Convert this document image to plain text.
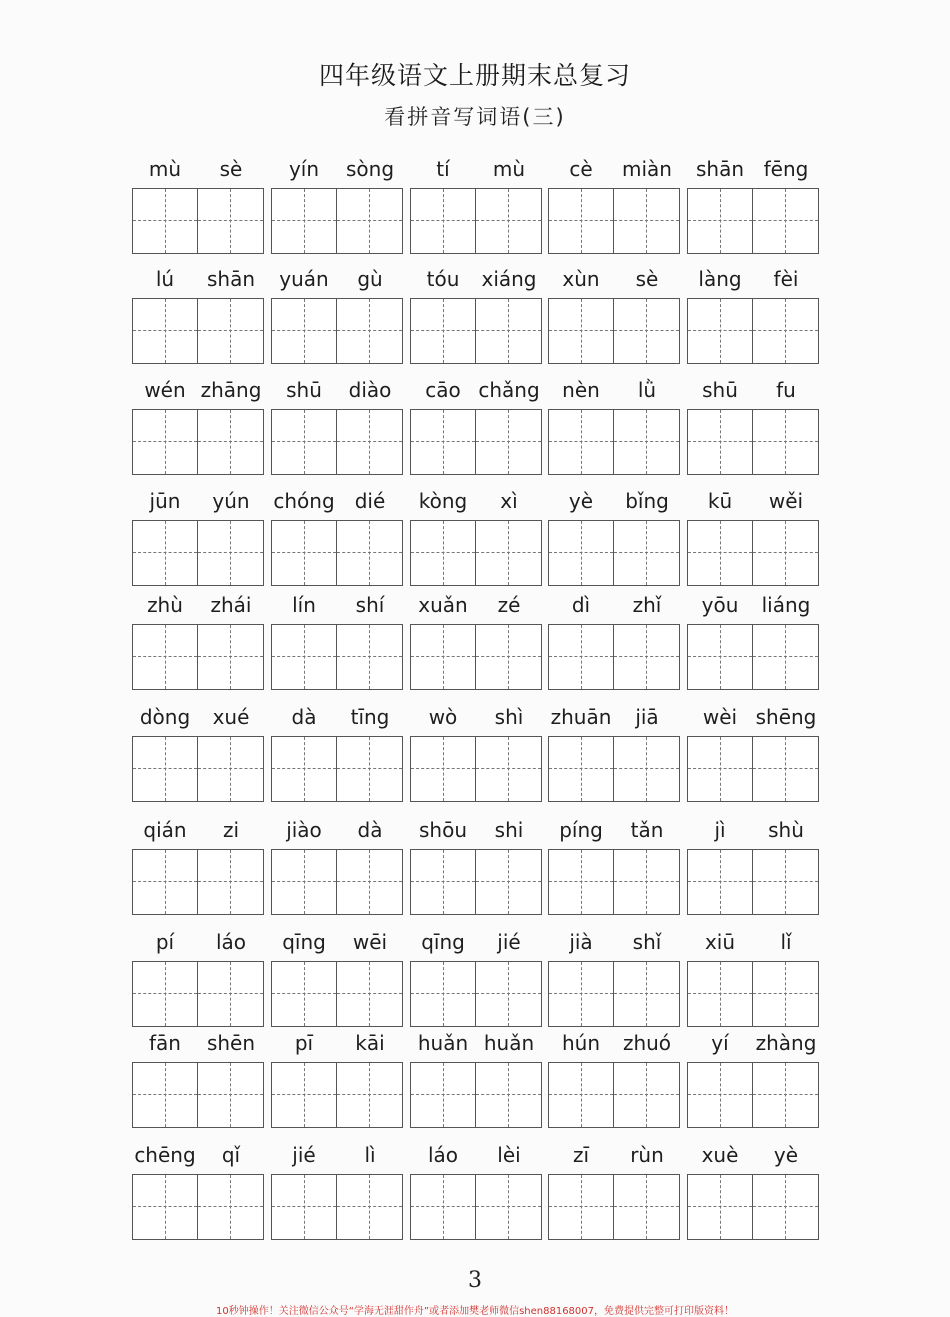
四年级语文上册期末总复习
看拼音写词语(三)
mù	sè	yín	sòng	tí	mù	cè	miàn	shān fēng
lú	shān	yuán	gù	tóu	xiáng	xùn	sè	làng	fèi
wén zhāng	shū	diào	cāo chǎng	nèn	lǜ	shū	fu
jūn	yún	chóng	dié	kòng	xì	yè	bǐng	kū	wěi
zhù	zhái	lín	shí	xuǎn	zé	dì	zhǐ	yōu	liáng
dòng	xué	dà	tīng	wò	shì	zhuān	jiā	wèi shēng
qián	zi	jiào	dà	shōu	shi	píng	tǎn	jì	shù
pí	láo	qīng	wēi	qīng	jié	jià	shǐ	xiū	lǐ
fān	shēn	pī	kāi	huǎn huǎn	hún	zhuó	yí	zhàng
chēng	qǐ	jié	lì	láo	lèi	zī	rùn	xuè	yè
3
10秒钟操作！关注微信公众号“学海无涯甜作舟”或者添加樊老师微信shen88168007，免费提供完整可打印版资料！
